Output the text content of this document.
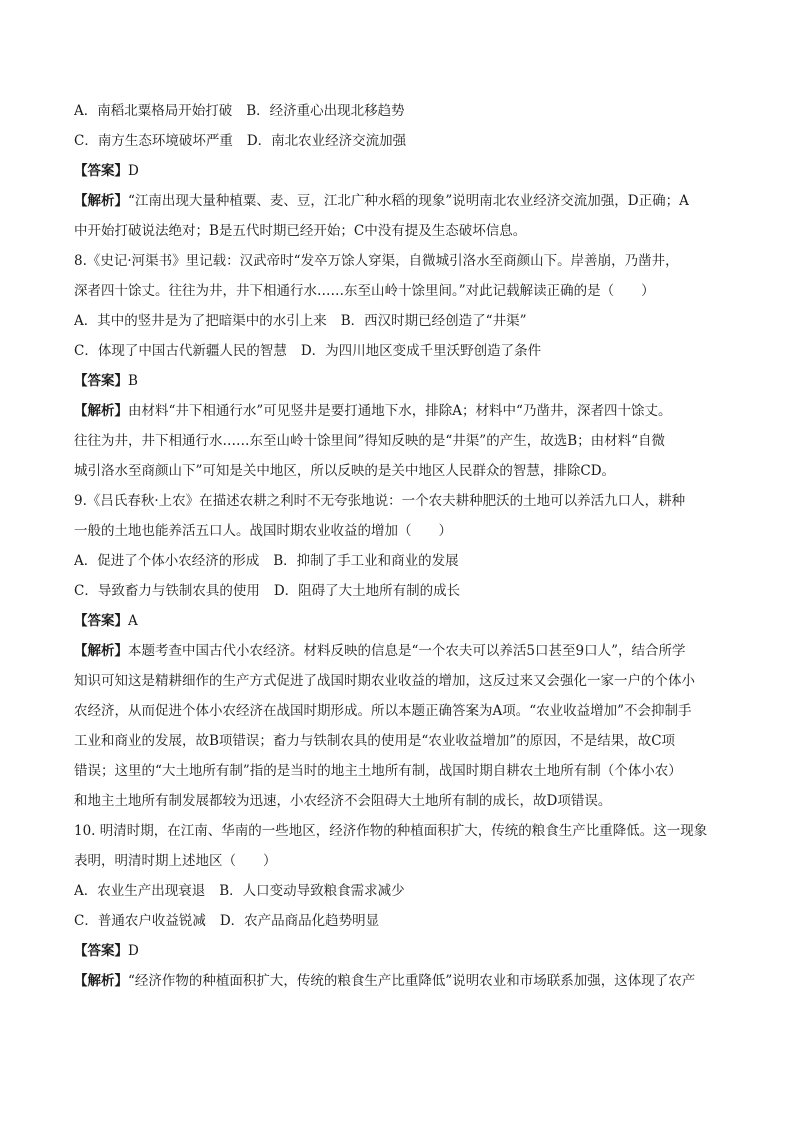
A．南稻北粟格局开始打破 B．经济重心出现北移趋势
C．南方生态环境破坏严重 D．南北农业经济交流加强
【答案】D
【解析】“江南出现大量种植粟、麦、豆，江北广种水稻的现象”说明南北农业经济交流加强，D正确；A
中开始打破说法绝对；B是五代时期已经开始；C中没有提及生态破坏信息。
8.《史记·河渠书》里记载：汉武帝时“发卒万馀人穿渠，自微城引洛水至商颜山下。岸善崩，乃凿井，
深者四十馀丈。往往为井，井下相通行水……东至山岭十馀里间。”对此记载解读正确的是（　　）
A．其中的竖井是为了把暗渠中的水引上来 B．西汉时期已经创造了“井渠”
C．体现了中国古代新疆人民的智慧 D．为四川地区变成千里沃野创造了条件
【答案】B
【解析】由材料“井下相通行水”可见竖井是要打通地下水，排除A；材料中“乃凿井，深者四十馀丈。
往往为井，井下相通行水……东至山岭十馀里间”得知反映的是“井渠”的产生，故选B；由材料“自微
城引洛水至商颜山下”可知是关中地区，所以反映的是关中地区人民群众的智慧，排除CD。
9.《吕氏春秋·上农》在描述农耕之利时不无夸张地说：一个农夫耕种肥沃的土地可以养活九口人，耕种
一般的土地也能养活五口人。战国时期农业收益的增加（　　）
A．促进了个体小农经济的形成 B．抑制了手工业和商业的发展
C．导致畜力与铁制农具的使用 D．阻碍了大土地所有制的成长
【答案】A
【解析】本题考查中国古代小农经济。材料反映的信息是“一个农夫可以养活5口甚至9口人”，结合所学
知识可知这是精耕细作的生产方式促进了战国时期农业收益的增加，这反过来又会强化一家一户的个体小
农经济，从而促进个体小农经济在战国时期形成。所以本题正确答案为A项。“农业收益增加”不会抑制手
工业和商业的发展，故B项错误；畜力与铁制农具的使用是“农业收益增加”的原因，不是结果，故C项
错误；这里的“大土地所有制”指的是当时的地主土地所有制，战国时期自耕农土地所有制（个体小农）
和地主土地所有制发展都较为迅速，小农经济不会阻碍大土地所有制的成长，故D项错误。
10. 明清时期，在江南、华南的一些地区，经济作物的种植面积扩大，传统的粮食生产比重降低。这一现象
表明，明清时期上述地区（　　）
A．农业生产出现衰退 B．人口变动导致粮食需求减少
C．普通农户收益锐减 D．农产品商品化趋势明显
【答案】D
【解析】“经济作物的种植面积扩大，传统的粮食生产比重降低”说明农业和市场联系加强，这体现了农产
